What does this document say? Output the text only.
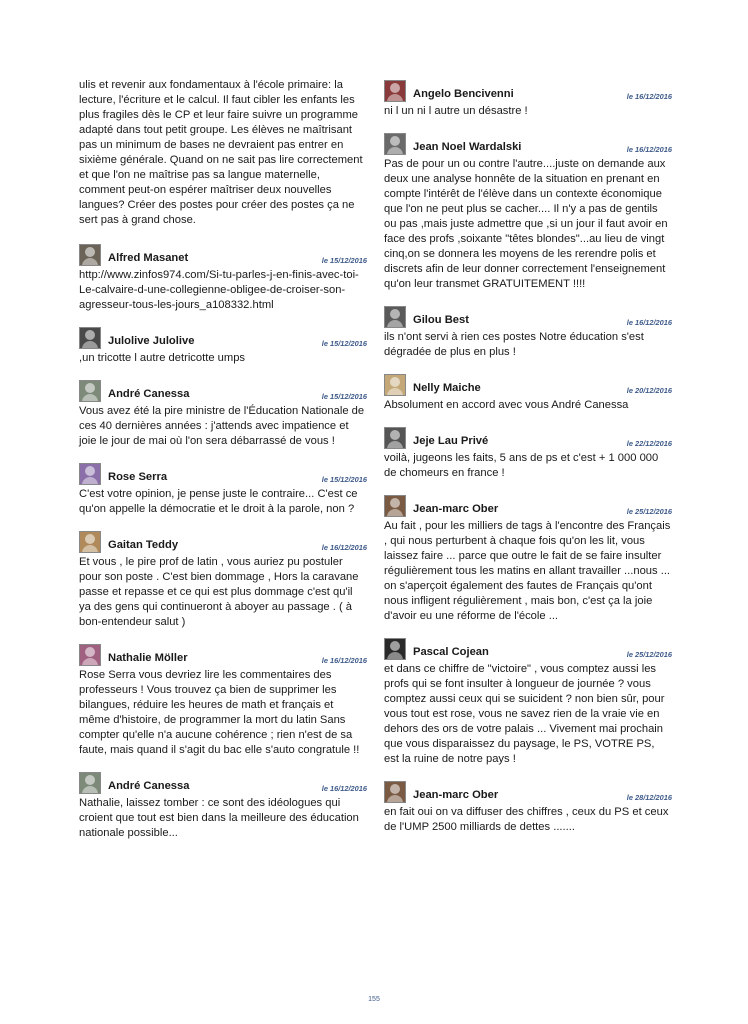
ulis et revenir aux fondamentaux à l'école primaire: la lecture, l'écriture et le calcul. Il faut cibler les enfants les plus fragiles dès le CP et leur faire suivre un programme adapté dans tout petit groupe. Les élèves ne maîtrisant pas un minimum de bases ne devraient pas entrer en sixième générale. Quand on ne sait pas lire correctement et que l'on ne maîtrise pas sa langue maternelle, comment peut-on espérer maîtriser deux nouvelles langues? Créer des postes pour créer des postes ça ne sert pas à grand chose.

Alfred Masanet	le 15/12/2016

http://www.zinfos974.com/Si-tu-parles-j-en-finis-avec-toi-Le-calvaire-d-une-collegienne-obligee-de-croiser-son-agresseur-tous-les-jours_a108332.html

Julolive Julolive	le 15/12/2016

,un tricotte l autre detricotte umps

André Canessa	le 15/12/2016

Vous avez été la pire ministre de l'Éducation Nationale de ces 40 dernières années : j'attends avec impatience et joie le jour de mai où l'on sera débarrassé de vous !

Rose Serra	le 15/12/2016

C'est votre opinion, je pense juste le contraire... C'est ce qu'on appelle la démocratie et le droit à la parole, non ?

Gaitan Teddy	le 16/12/2016

Et vous , le pire prof de latin , vous auriez pu postuler pour son poste . C'est bien dommage , Hors la caravane passe et repasse et ce qui est plus dommage c'est qu'il ya des gens qui continueront à aboyer au passage . ( à bon-entendeur salut )

Nathalie Möller	le 16/12/2016

Rose Serra vous devriez lire les commentaires des professeurs ! Vous trouvez ça bien de supprimer les bilangues, réduire les heures de math et français et même d'histoire, de programmer la mort du latin Sans compter qu'elle n'a aucune cohérence ; rien n'est de sa faute, mais quand il s'agit du bac elle s'auto congratule !!

André Canessa	le 16/12/2016

Nathalie, laissez tomber : ce sont des idéologues qui croient que tout est bien dans la meilleure des éducation nationale possible...

Angelo Bencivenni	le 16/12/2016

ni l un ni l autre un désastre !

Jean Noel Wardalski	le 16/12/2016

Pas de pour un ou contre l'autre....juste on demande aux deux une analyse honnête de la situation en prenant en compte l'intérêt de l'élève dans un contexte économique que l'on ne peut plus se cacher.... Il n'y a pas de gentils ou pas ,mais juste admettre que ,si un jour il faut avoir en face des profs ,soixante "têtes blondes"...au lieu de vingt cinq,on se donnera les moyens de les rerendre polis et discrets afin de leur donner correctement l'enseignement qu'on leur transmet GRATUITEMENT !!!!

Gilou Best	le 16/12/2016

ils n'ont servi à rien ces postes Notre éducation s'est dégradée de plus en plus !

Nelly Maiche	le 20/12/2016

Absolument en accord avec vous André Canessa

Jeje Lau Privé	le 22/12/2016

voilà, jugeons les faits, 5 ans de ps et c'est + 1 000 000 de chomeurs en france !

Jean-marc Ober	le 25/12/2016

Au fait , pour les milliers de tags à l'encontre des Français , qui nous perturbent à chaque fois qu'on les lit, vous laissez faire ... parce que outre le fait de se faire insulter régulièrement tous les matins en allant travailler ...nous ... on s'aperçoit également des fautes de Français qu'ont nous infligent régulièrement , mais bon, c'est ça la joie d'avoir eu une réforme de l'école ...

Pascal Cojean	le 25/12/2016

et dans ce chiffre de "victoire" , vous comptez aussi les profs qui se font insulter à longueur de journée ? vous comptez aussi ceux qui se suicident ? non bien sûr, pour vous tout est rose, vous ne savez rien de la vraie vie en dehors des ors de votre palais ... Vivement mai prochain que vous disparaissez du paysage, le PS, VOTRE PS, est la ruine de notre pays !

Jean-marc Ober	le 28/12/2016

en fait oui on va diffuser des chiffres , ceux du PS et ceux de l'UMP 2500 milliards de dettes .......

155
